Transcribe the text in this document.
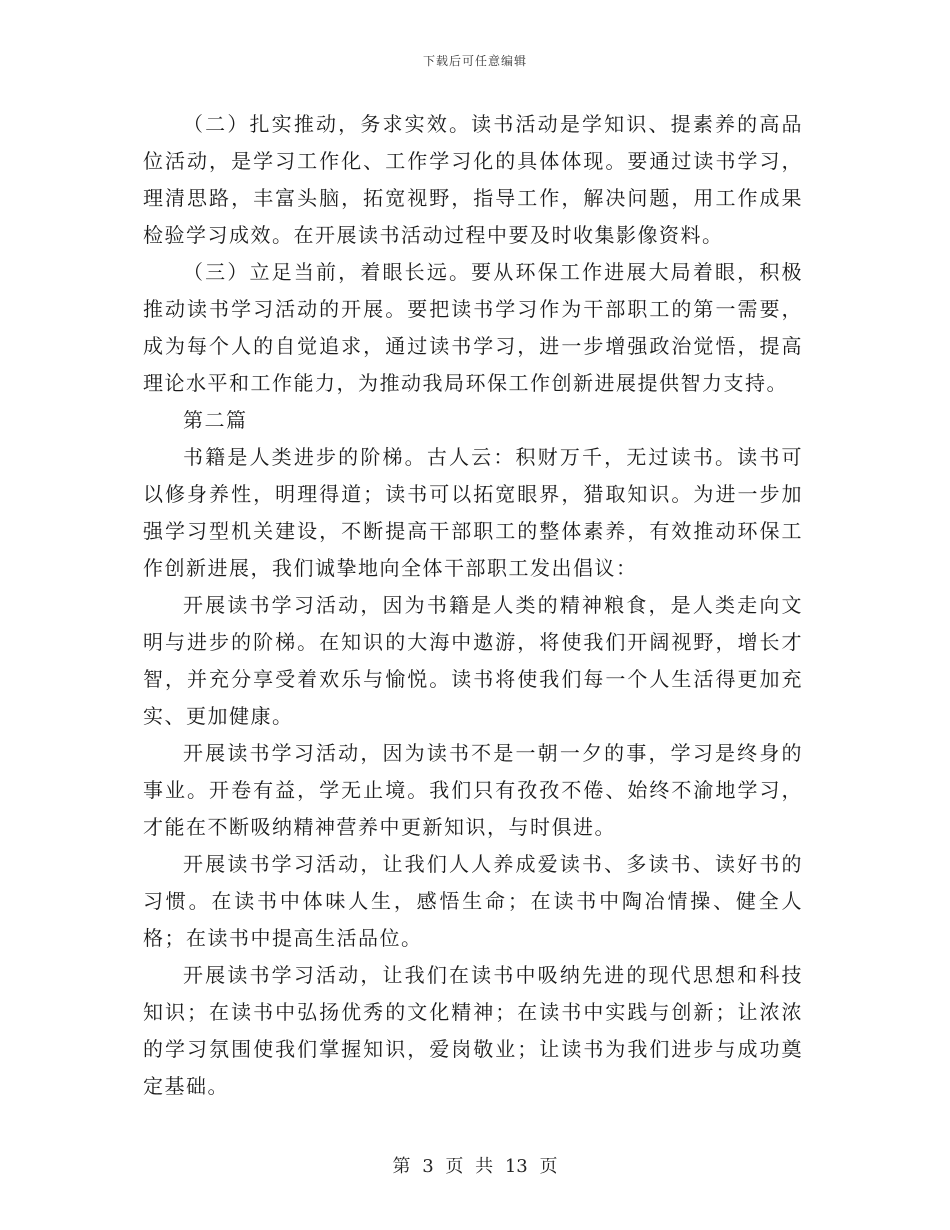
下载后可任意编辑

（二）扎实推动，务求实效。读书活动是学知识、提素养的高品位活动，是学习工作化、工作学习化的具体体现。要通过读书学习，理清思路，丰富头脑，拓宽视野，指导工作，解决问题，用工作成果检验学习成效。在开展读书活动过程中要及时收集影像资料。

（三）立足当前，着眼长远。要从环保工作进展大局着眼，积极推动读书学习活动的开展。要把读书学习作为干部职工的第一需要，成为每个人的自觉追求，通过读书学习，进一步增强政治觉悟，提高理论水平和工作能力，为推动我局环保工作创新进展提供智力支持。

第二篇

书籍是人类进步的阶梯。古人云：积财万千，无过读书。读书可以修身养性，明理得道；读书可以拓宽眼界，猎取知识。为进一步加强学习型机关建设，不断提高干部职工的整体素养，有效推动环保工作创新进展，我们诚挚地向全体干部职工发出倡议：

开展读书学习活动，因为书籍是人类的精神粮食，是人类走向文明与进步的阶梯。在知识的大海中遨游，将使我们开阔视野，增长才智，并充分享受着欢乐与愉悦。读书将使我们每一个人生活得更加充实、更加健康。

开展读书学习活动，因为读书不是一朝一夕的事，学习是终身的事业。开卷有益，学无止境。我们只有孜孜不倦、始终不渝地学习，才能在不断吸纳精神营养中更新知识，与时俱进。

开展读书学习活动，让我们人人养成爱读书、多读书、读好书的习惯。在读书中体味人生，感悟生命；在读书中陶冶情操、健全人格；在读书中提高生活品位。

开展读书学习活动，让我们在读书中吸纳先进的现代思想和科技知识；在读书中弘扬优秀的文化精神；在读书中实践与创新；让浓浓的学习氛围使我们掌握知识，爱岗敬业；让读书为我们进步与成功奠定基础。

第 3 页 共 13 页
